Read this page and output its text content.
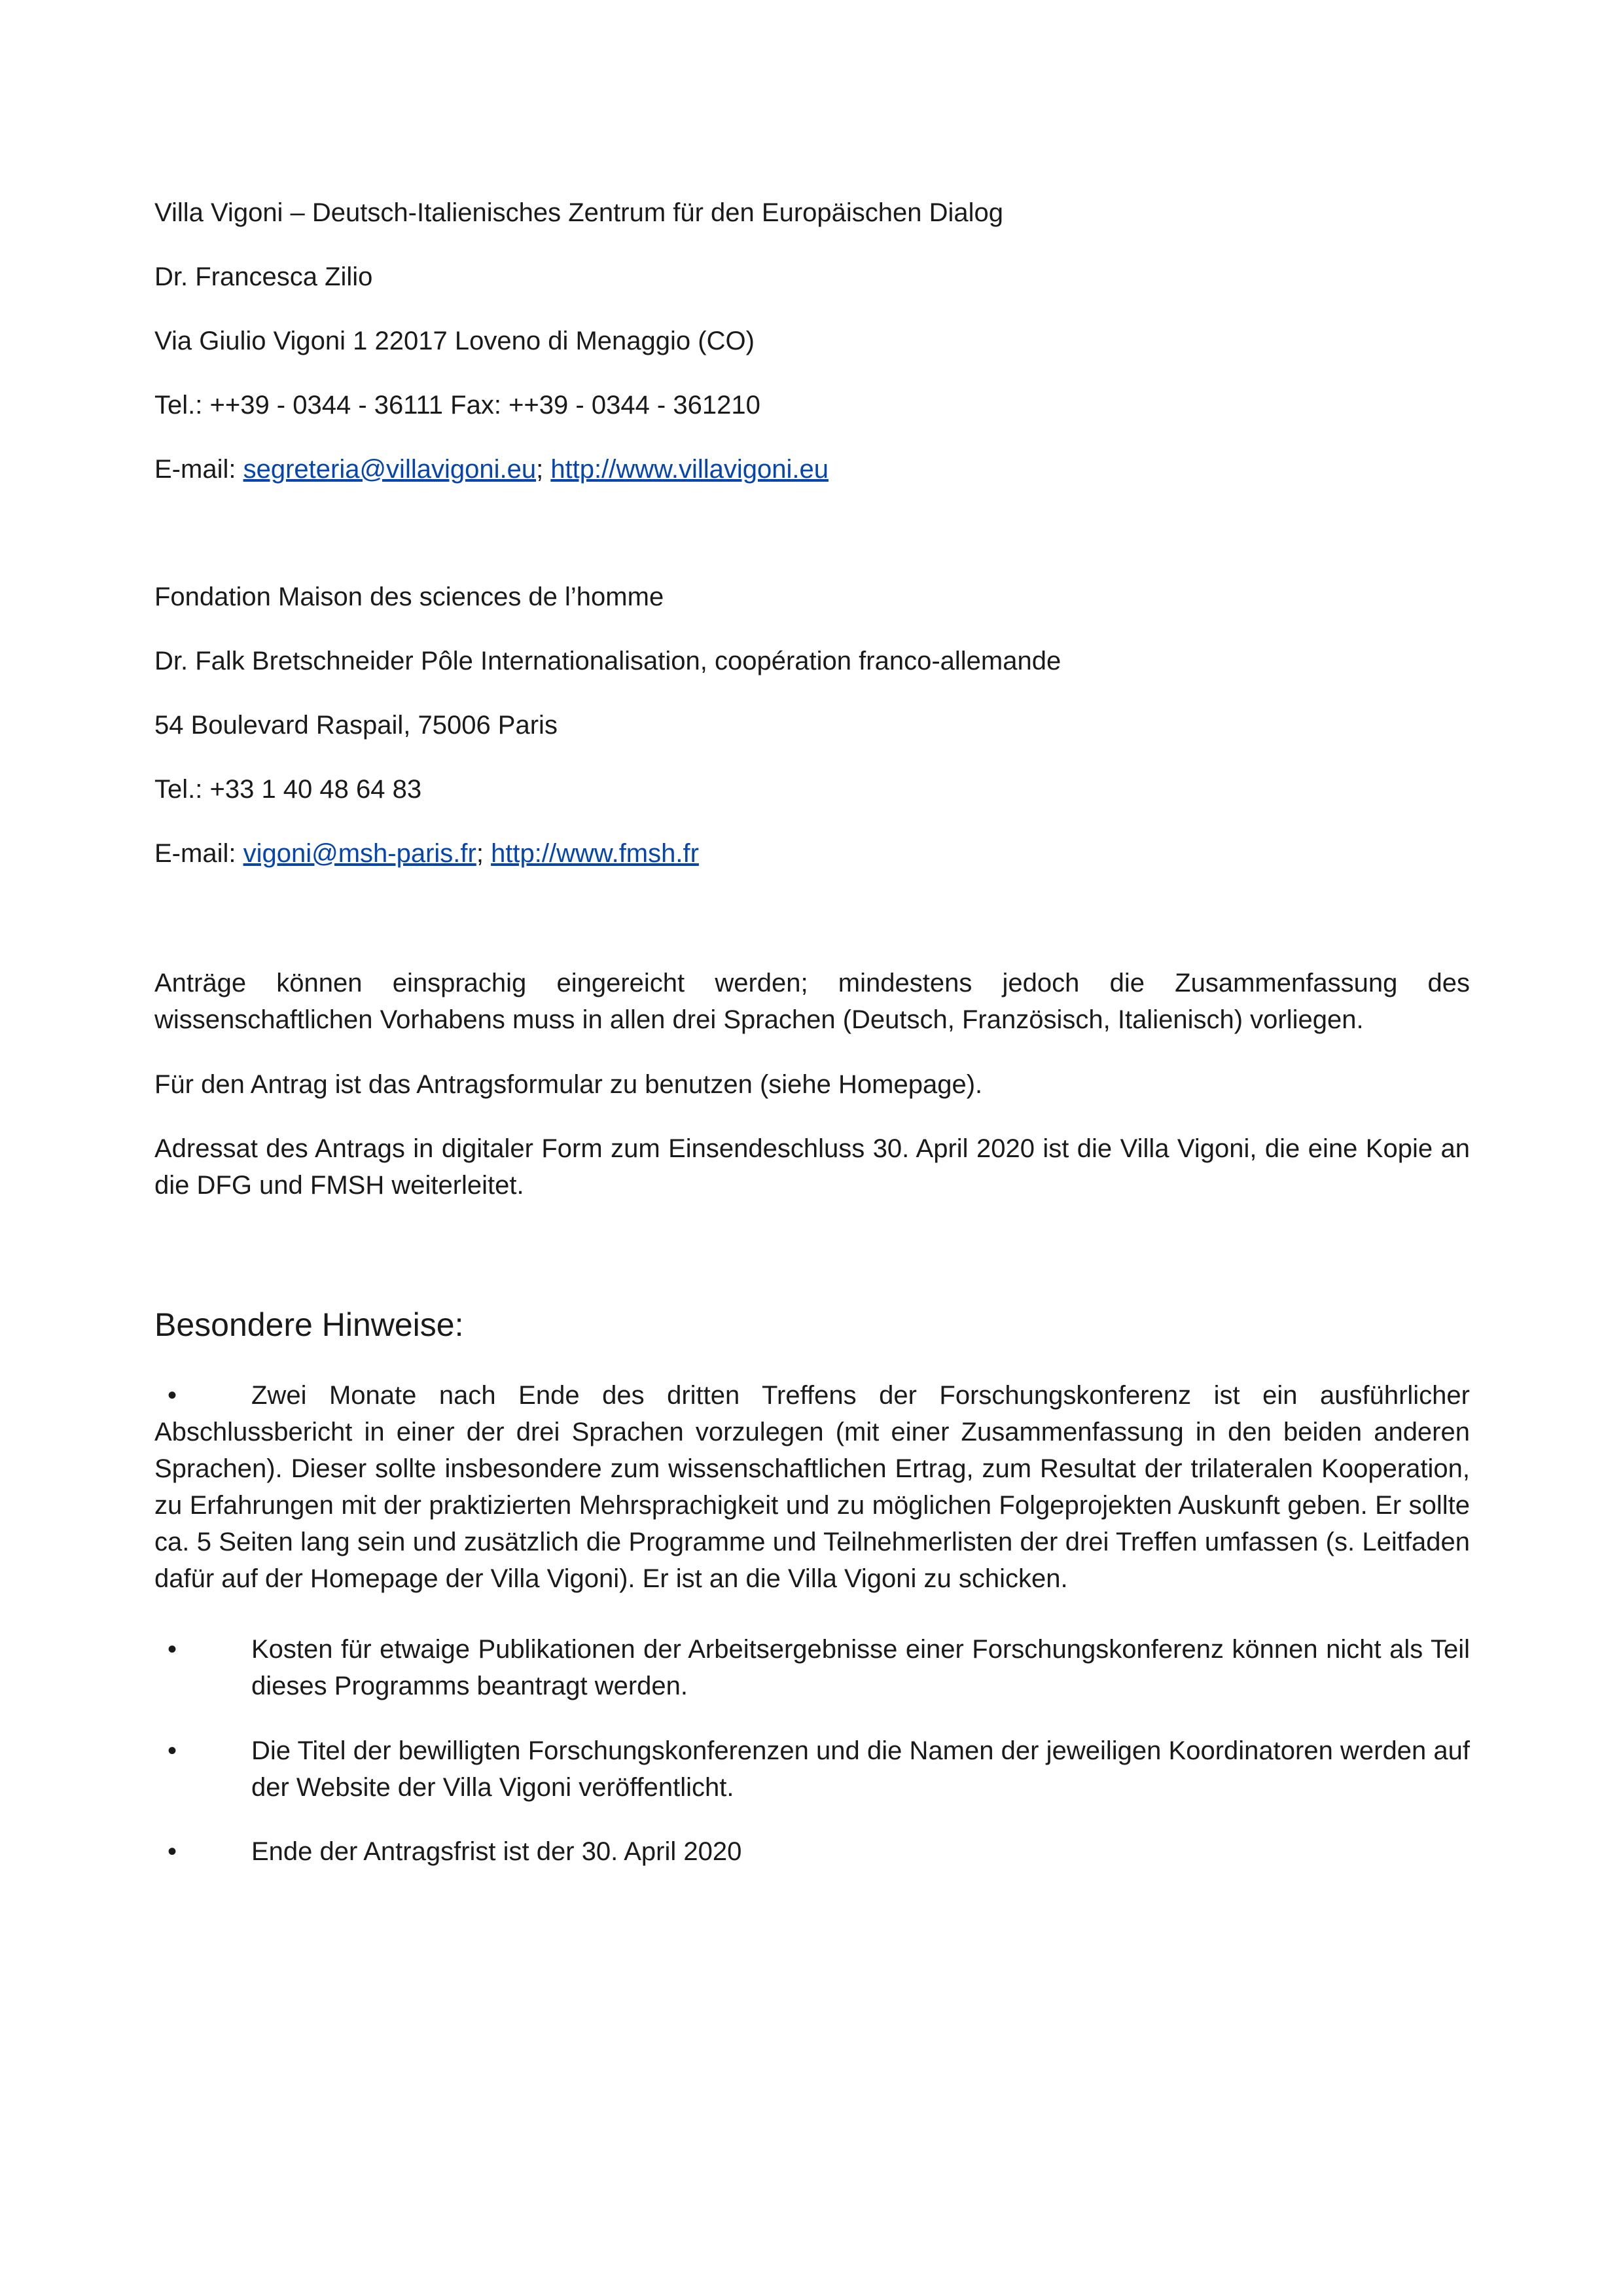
Villa Vigoni – Deutsch-Italienisches Zentrum für den Europäischen Dialog
Dr. Francesca Zilio
Via Giulio Vigoni 1 22017 Loveno di Menaggio (CO)
Tel.: ++39 - 0344 - 36111 Fax: ++39 - 0344 - 361210
E-mail: segreteria@villavigoni.eu; http://www.villavigoni.eu
Fondation Maison des sciences de l’homme
Dr. Falk Bretschneider Pôle Internationalisation, coopération franco-allemande
54 Boulevard Raspail, 75006 Paris
Tel.: +33 1 40 48 64 83
E-mail: vigoni@msh-paris.fr; http://www.fmsh.fr
Anträge können einsprachig eingereicht werden; mindestens jedoch die Zusammenfassung des wissenschaftlichen Vorhabens muss in allen drei Sprachen (Deutsch, Französisch, Italienisch) vorliegen.
Für den Antrag ist das Antragsformular zu benutzen (siehe Homepage).
Adressat des Antrags in digitaler Form zum Einsendeschluss 30. April 2020 ist die Villa Vigoni, die eine Kopie an die DFG und FMSH weiterleitet.
Besondere Hinweise:
•	Zwei Monate nach Ende des dritten Treffens der Forschungskonferenz ist ein ausführlicher Abschlussbericht in einer der drei Sprachen vorzulegen (mit einer Zusammenfassung in den beiden anderen Sprachen). Dieser sollte insbesondere zum wissenschaftlichen Ertrag, zum Resultat der trilateralen Kooperation, zu Erfahrungen mit der praktizierten Mehrsprachigkeit und zu möglichen Folgeprojekten Auskunft geben. Er sollte ca. 5 Seiten lang sein und zusätzlich die Programme und Teilnehmerlisten der drei Treffen umfassen (s. Leitfaden dafür auf der Homepage der Villa Vigoni). Er ist an die Villa Vigoni zu schicken.
•	Kosten für etwaige Publikationen der Arbeitsergebnisse einer Forschungskonferenz können nicht als Teil dieses Programms beantragt werden.
•	Die Titel der bewilligten Forschungskonferenzen und die Namen der jeweiligen Koordinatoren werden auf der Website der Villa Vigoni veröffentlicht.
•	Ende der Antragsfrist ist der 30. April 2020
